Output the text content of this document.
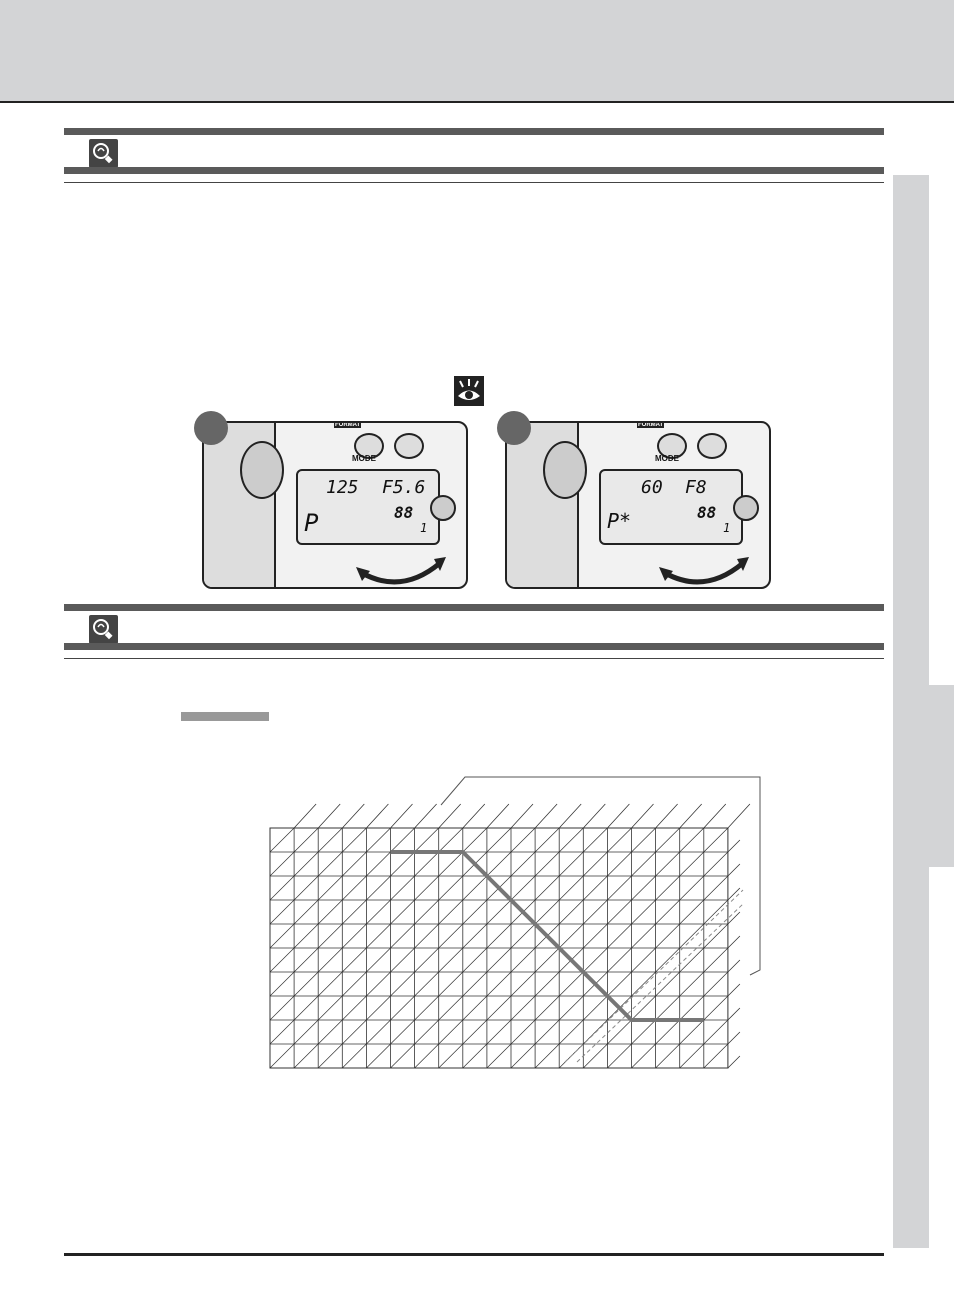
MODE
FORMAT
125 F5.6
P	88
1
MODE
FORMAT
60 F8
P*	88
1
